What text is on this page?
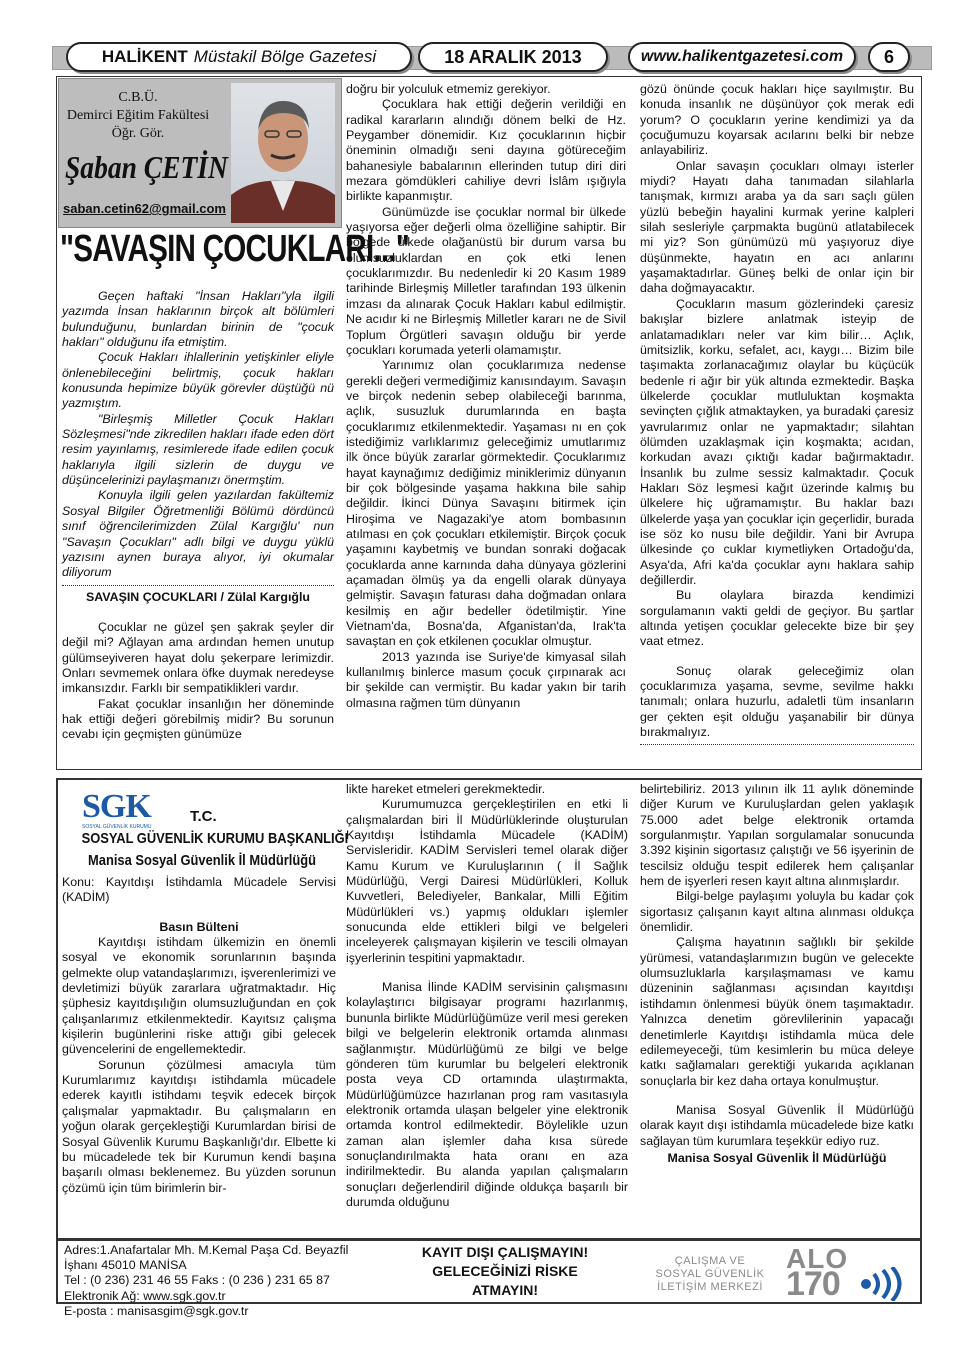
HALİKENT Müstakil Bölge Gazetesi	18 ARALIK 2013	www.halikentgazetesi.com	6
C.B.Ü.
Demirci Eğitim Fakültesi
Öğr. Gör.
Şaban ÇETİN
saban.cetin62@gmail.com
"SAVAŞIN ÇOCUKLARI..."

Geçen haftaki "İnsan Hakları"yla ilgili yazımda İnsan haklarının birçok alt bölümleri bulunduğunu, bunlardan birinin de "çocuk hakları" olduğunu ifa etmiştim.

Çocuk Hakları ihlallerinin yetişkinler eliyle önlenebileceğini belirtmiş, çocuk hakları konusunda hepimize büyük görevler düştüğü nü yazmıştım.

"Birleşmiş Milletler Çocuk Hakları Sözleşmesi"nde zikredilen hakları ifade eden dört resim yayınlamış, resimlerede ifade edilen çocuk haklarıyla ilgili sizlerin de duygu ve düşüncelerinizi paylaşmanızı önermştim.

Konuyla ilgili gelen yazılardan fakültemiz Sosyal Bilgiler Öğretmenliği Bölümü dördüncü sınıf öğrencilerimizden Zülal Kargığlu' nun "Savaşın Çocukları" adlı bilgi ve duygu yüklü yazısını aynen buraya alıyor, iyi okumalar diliyorum

SAVAŞIN ÇOCUKLARI / Zülal Kargığlu

Çocuklar ne güzel şen şakrak şeyler dir değil mi? Ağlayan ama ardından hemen unutup gülümseyiveren hayat dolu şekerpare lerimizdir. Onları sevmemek onlara öfke duymak neredeyse imkansızdır. Farklı bir sempatiklikleri vardır.

Fakat çocuklar insanlığın her döneminde hak ettiği değeri görebilmiş midir? Bu sorunun cevabı için geçmişten günümüze

doğru bir yolculuk etmemiz gerekiyor.

Çocuklara hak ettiği değerin verildiği en radikal kararların alındığı dönem belki de Hz. Peygamber dönemidir. Kız çocuklarının hiçbir öneminin olmadığı seni dayına götüreceğim bahanesiyle babalarının ellerinden tutup diri diri mezara gömdükleri cahiliye devri İslâm ışığıyla birlikte kapanmıştır.

Günümüzde ise çocuklar normal bir ülkede yaşıyorsa eğer değerli olma özelliğine sahiptir. Bir bölgede ülkede olağanüstü bir durum varsa bu olumsuzluklardan en çok etki lenen çocuklarımızdır. Bu nedenledir ki 20 Kasım 1989 tarihinde Birleşmiş Milletler tarafından 193 ülkenin imzası da alınarak Çocuk Hakları kabul edilmiştir. Ne acıdır ki ne Birleşmiş Milletler kararı ne de Sivil Toplum Örgütleri savaşın olduğu bir yerde çocukları korumada yeterli olamamıştır.

Yarınımız olan çocuklarımıza nedense gerekli değeri vermediğimiz kanısındayım. Savaşın ve birçok nedenin sebep olabileceği barınma, açlık, susuzluk durumlarında en başta çocuklarımız etkilenmektedir. Yaşaması nı en çok istediğimiz varlıklarımız geleceğimiz umutlarımız ilk önce büyük zararlar görmektedir. Çocuklarımız hayat kaynağımız dediğimiz miniklerimiz dünyanın bir çok bölgesinde yaşama hakkına bile sahip değildir. İkinci Dünya Savaşını bitirmek için Hiroşima ve Nagazaki'ye atom bombasının atılması en çok çocukları etkilemiştir. Birçok çocuk yaşamını kaybetmiş ve bundan sonraki doğacak çocuklarda anne karnında daha dünyaya gözlerini açamadan ölmüş ya da engelli olarak dünyaya gelmiştir. Savaşın faturası daha doğmadan onlara kesilmiş en ağır bedeller ödetilmiştir. Yine Vietnam'da, Bosna'da, Afganistan'da, Irak'ta savaştan en çok etkilenen çocuklar olmuştur.

2013 yazında ise Suriye'de kimyasal silah kullanılmış binlerce masum çocuk çırpınarak acı bir şekilde can vermiştir. Bu kadar yakın bir tarih olmasına rağmen tüm dünyanın

gözü önünde çocuk hakları hiçe sayılmıştır. Bu konuda insanlık ne düşünüyor çok merak edi yorum? O çocukların yerine kendimizi ya da çocuğumuzu koyarsak acılarını belki bir nebze anlayabiliriz.

Onlar savaşın çocukları olmayı isterler miydi? Hayatı daha tanımadan silahlarla tanışmak, kırmızı araba ya da sarı saçlı gülen yüzlü bebeğin hayalini kurmak yerine kalpleri silah sesleriyle çarpmakta bugünü atlatabilecek mi yiz? Son günümüzü mü yaşıyoruz diye düşünmekte, hayatın en acı anlarını yaşamaktadırlar. Güneş belki de onlar için bir daha doğmayacaktır.

Çocukların masum gözlerindeki çaresiz bakışlar bizlere anlatmak isteyip de anlatamadıkları neler var kim bilir… Açlık, ümitsizlik, korku, sefalet, acı, kaygı… Bizim bile taşımakta zorlanacağımız olaylar bu küçücük bedenle ri ağır bir yük altında ezmektedir. Başka ülkelerde çocuklar mutluluktan koşmakta sevinçten çığlık atmaktayken, ya buradaki çaresiz yavrularımız onlar ne yapmaktadır; silahtan ölümden uzaklaşmak için koşmakta; acıdan, korkudan avazı çıktığı kadar bağırmaktadır. İnsanlık bu zulme sessiz kalmaktadır. Çocuk Hakları Söz leşmesi kağıt üzerinde kalmış bu ülkelere hiç uğramamıştır. Bu haklar bazı ülkelerde yaşa yan çocuklar için geçerlidir, burada ise söz ko nusu bile değildir. Yani bir Avrupa ülkesinde ço cuklar kıymetliyken Ortadoğu'da, Asya'da, Afri ka'da çocuklar aynı haklara sahip değillerdir.

Bu olaylara birazda kendimizi sorgulamanın vakti geldi de geçiyor. Bu şartlar altında yetişen çocuklar gelecekte bize bir şey vaat etmez.

Sonuç olarak geleceğimiz olan çocuklarımıza yaşama, sevme, sevilme hakkı tanımalı; onlara huzurlu, adaletli tüm insanların ger çekten eşit olduğu yaşanabilir bir dünya bırakmalıyız.

SGK
SOSYAL GÜVENLİK KURUMU
T.C.
SOSYAL GÜVENLİK KURUMU BAŞKANLIĞI
Manisa Sosyal Güvenlik İl Müdürlüğü

Konu: Kayıtdışı İstihdamla Mücadele Servisi (KADİM)

Basın Bülteni

Kayıtdışı istihdam ülkemizin en önemli sosyal ve ekonomik sorunlarının başında gelmekte olup vatandaşlarımızı, işverenlerimizi ve devletimizi büyük zararlara uğratmaktadır. Hiç şüphesiz kayıtdışılığın olumsuzluğundan en çok çalışanlarımız etkilenmektedir. Kayıtsız çalışma kişilerin bugünlerini riske attığı gibi gelecek güvencelerini de engellemektedir.

Sorunun çözülmesi amacıyla tüm Kurumlarımız kayıtdışı istihdamla mücadele ederek kayıtlı istihdamı teşvik edecek birçok çalışmalar yapmaktadır. Bu çalışmaların en yoğun olarak gerçekleştiği Kurumlardan birisi de Sosyal Güvenlik Kurumu Başkanlığı'dır. Elbette ki bu mücadelede tek bir Kurumun kendi başına başarılı olması beklenemez. Bu yüzden sorunun çözümü için tüm birimlerin bir-

likte hareket etmeleri gerekmektedir.

Kurumumuzca gerçekleştirilen en etki li çalışmalardan biri İl Müdürlüklerinde oluşturulan Kayıtdışı İstihdamla Mücadele (KADİM) Servisleridir. KADİM Servisleri temel olarak diğer Kamu Kurum ve Kuruluşlarının ( İl Sağlık Müdürlüğü, Vergi Dairesi Müdürlükleri, Kolluk Kuvvetleri, Belediyeler, Bankalar, Milli Eğitim Müdürlükleri vs.) yapmış oldukları işlemler sonucunda elde ettikleri bilgi ve belgeleri inceleyerek çalışmayan kişilerin ve tescili olmayan işyerlerinin tespitini yapmaktadır.

Manisa İlinde KADİM servisinin çalışmasını kolaylaştırıcı bilgisayar programı hazırlanmış, bununla birlikte Müdürlüğümüze veril mesi gereken bilgi ve belgelerin elektronik ortamda alınması sağlanmıştır. Müdürlüğümü ze bilgi ve belge gönderen tüm kurumlar bu belgeleri elektronik posta veya CD ortamında ulaştırmakta, Müdürlüğümüzce hazırlanan prog ram vasıtasıyla elektronik ortamda ulaşan belgeler yine elektronik ortamda kontrol edilmektedir. Böylelikle uzun zaman alan işlemler daha kısa sürede sonuçlandırılmakta hata oranı en aza indirilmektedir. Bu alanda yapılan çalışmaların sonuçları değerlendiril diğinde oldukça başarılı bir durumda olduğunu

belirtebiliriz. 2013 yılının ilk 11 aylık döneminde diğer Kurum ve Kuruluşlardan gelen yaklaşık 75.000 adet belge elektronik ortamda sorgulanmıştır. Yapılan sorgulamalar sonucunda 3.392 kişinin sigortasız çalıştığı ve 56 işyerinin de tescilsiz olduğu tespit edilerek hem çalışanlar hem de işyerleri resen kayıt altına alınmışlardır.

Bilgi-belge paylaşımı yoluyla bu kadar çok sigortasız çalışanın kayıt altına alınması oldukça önemlidir.

Çalışma hayatının sağlıklı bir şekilde yürümesi, vatandaşlarımızın bugün ve gelecekte olumsuzluklarla karşılaşmaması ve kamu düzeninin sağlanması açısından kayıtdışı istihdamın önlenmesi büyük önem taşımaktadır. Yalnızca denetim görevlilerinin yapacağı denetimlerle Kayıtdışı istihdamla müca dele edilemeyeceği, tüm kesimlerin bu müca deleye katkı sağlamaları gerektiği yukarıda açıklanan sonuçlarla bir kez daha ortaya konulmuştur.

Manisa Sosyal Güvenlik İl Müdürlüğü olarak kayıt dışı istihdamla mücadelede bize katkı sağlayan tüm kurumlara teşekkür ediyo ruz.

Manisa Sosyal Güvenlik İl Müdürlüğü

Adres:1.Anafartalar Mh. M.Kemal Paşa Cd. Beyazfil
İşhanı 45010 MANİSA
Tel : (0 236) 231 46 55 Faks : (0 236 ) 231 65 87
Elektronik Ağ: www.sgk.gov.tr
E-posta : manisasgim@sgk.gov.tr
KAYIT DIŞI ÇALIŞMAYIN!
GELECEĞİNİZİ RİSKE
ATMAYIN!
ÇALIŞMA VE
SOSYAL GÜVENLİK
İLETİŞİM MERKEZİ
ALO
170
